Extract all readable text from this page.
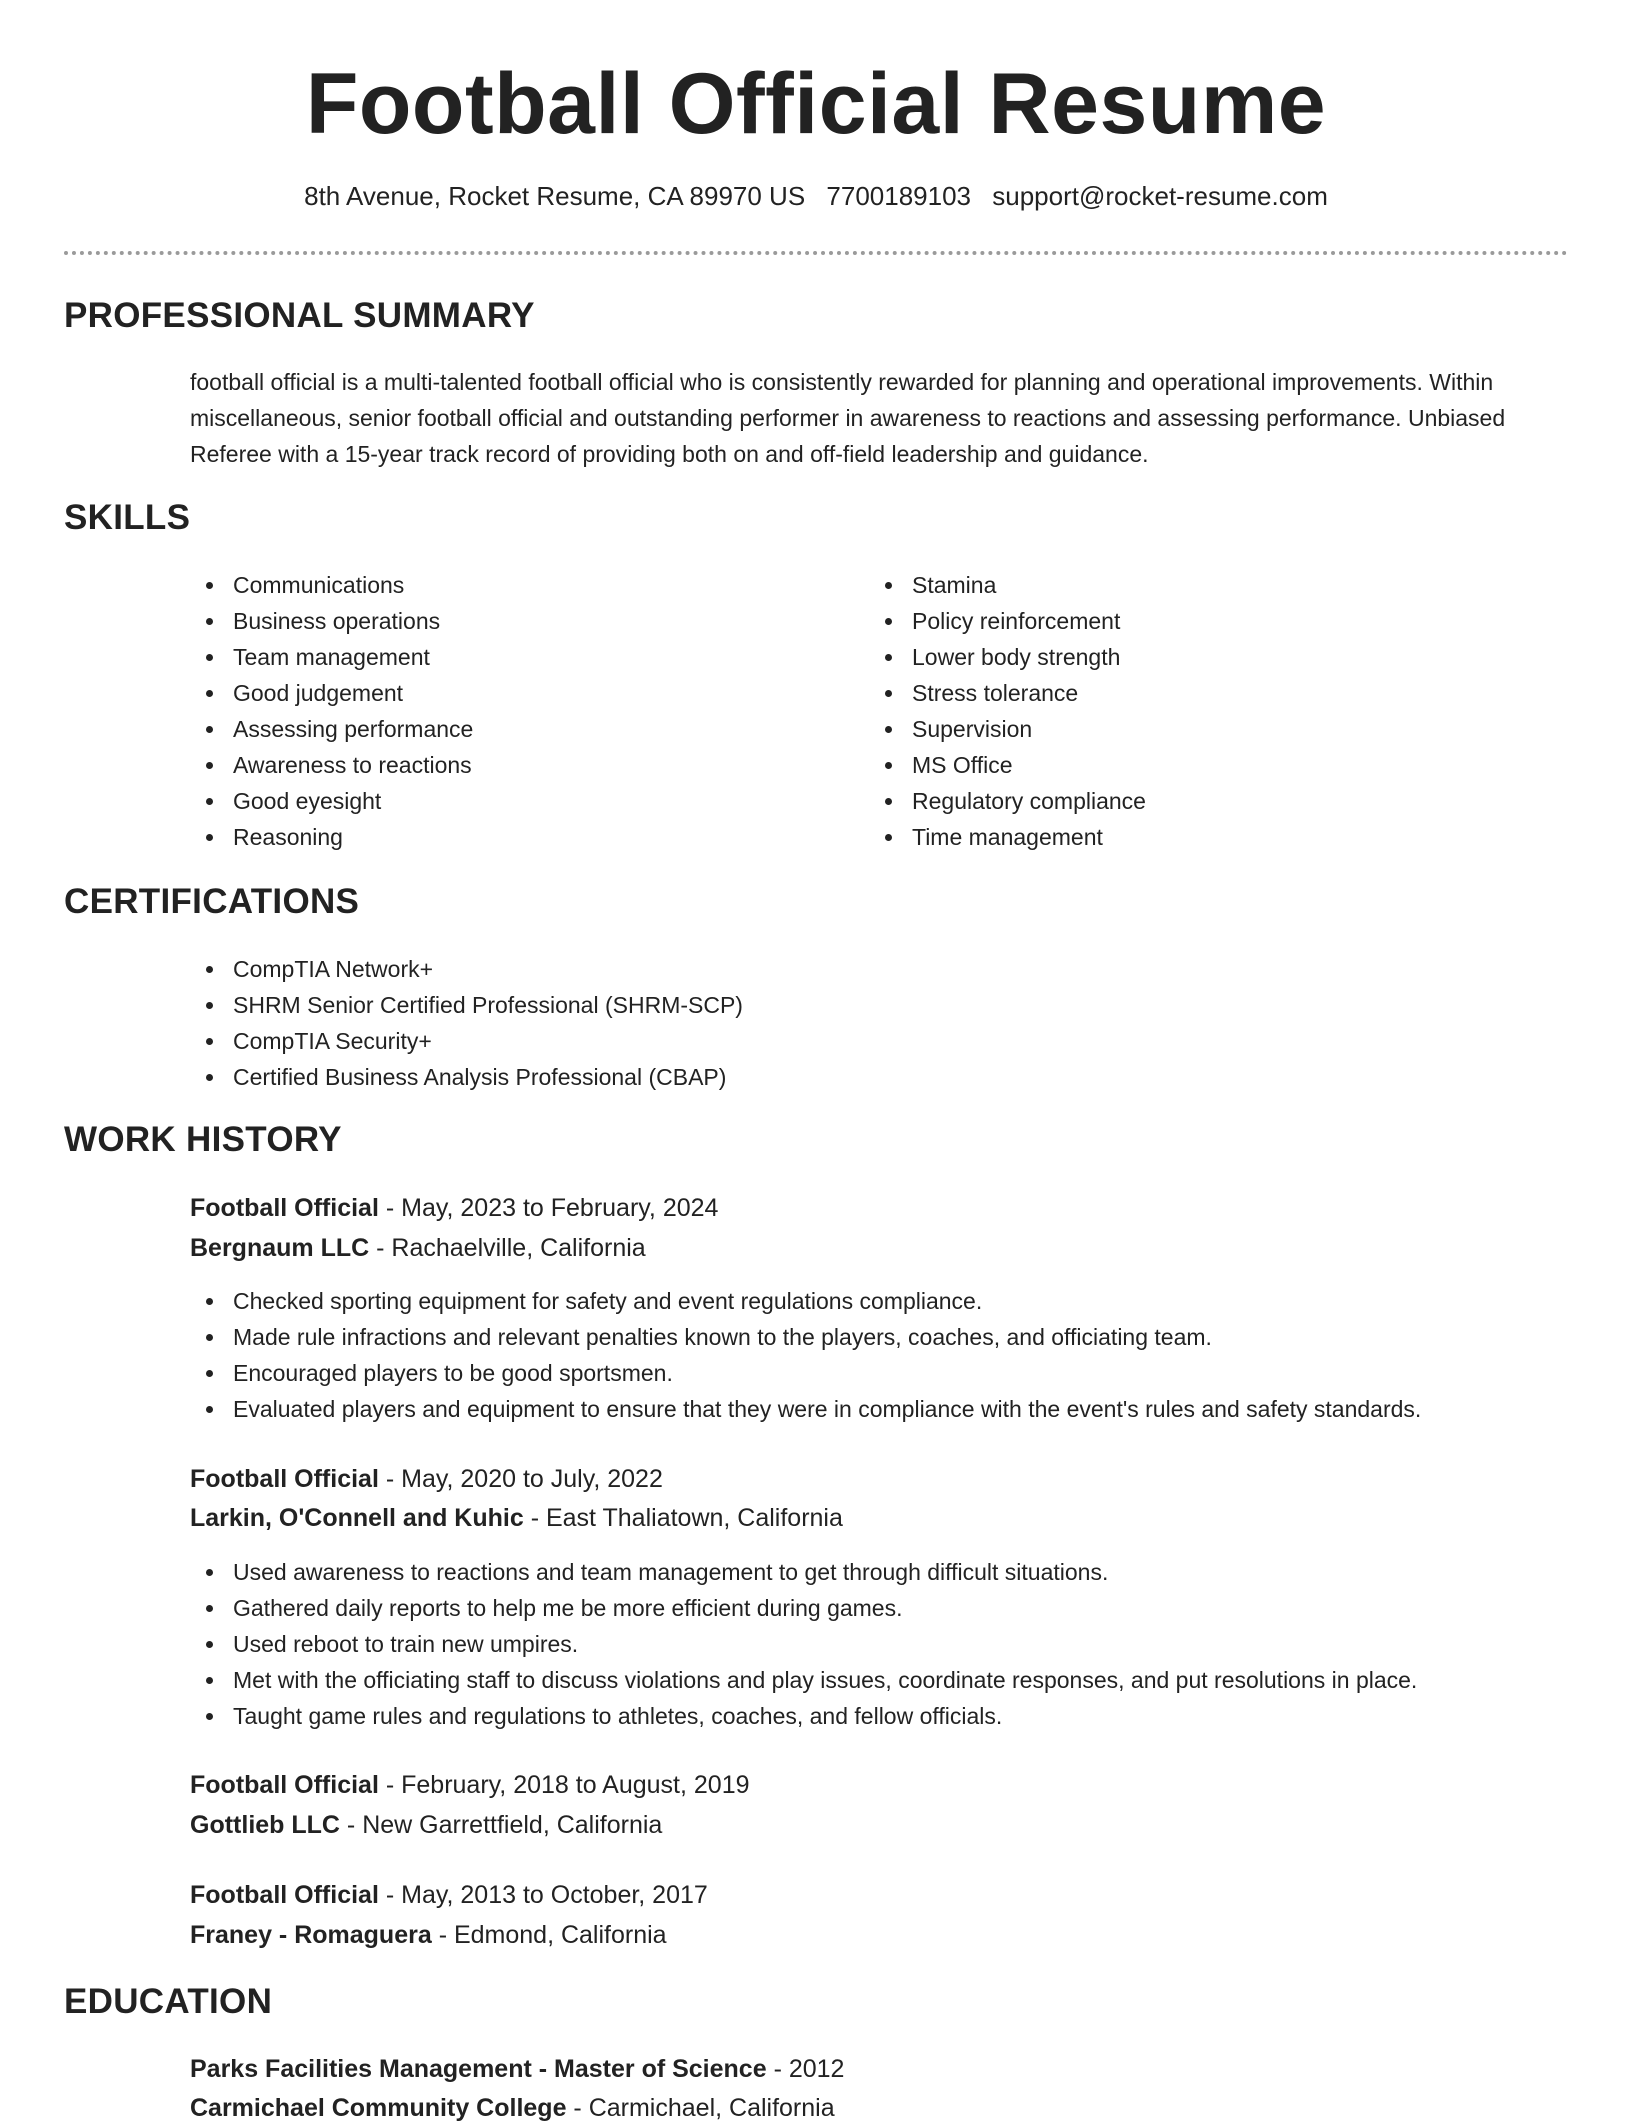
Football Official Resume
8th Avenue, Rocket Resume, CA 89970 US 7700189103 support@rocket-resume.com
PROFESSIONAL SUMMARY
football official is a multi-talented football official who is consistently rewarded for planning and operational improvements. Within miscellaneous, senior football official and outstanding performer in awareness to reactions and assessing performance. Unbiased Referee with a 15-year track record of providing both on and off-field leadership and guidance.
SKILLS
Communications
Business operations
Team management
Good judgement
Assessing performance
Awareness to reactions
Good eyesight
Reasoning
Stamina
Policy reinforcement
Lower body strength
Stress tolerance
Supervision
MS Office
Regulatory compliance
Time management
CERTIFICATIONS
CompTIA Network+
SHRM Senior Certified Professional (SHRM-SCP)
CompTIA Security+
Certified Business Analysis Professional (CBAP)
WORK HISTORY
Football Official - May, 2023 to February, 2024
Bergnaum LLC - Rachaelville, California
Checked sporting equipment for safety and event regulations compliance.
Made rule infractions and relevant penalties known to the players, coaches, and officiating team.
Encouraged players to be good sportsmen.
Evaluated players and equipment to ensure that they were in compliance with the event's rules and safety standards.
Football Official - May, 2020 to July, 2022
Larkin, O'Connell and Kuhic - East Thaliatown, California
Used awareness to reactions and team management to get through difficult situations.
Gathered daily reports to help me be more efficient during games.
Used reboot to train new umpires.
Met with the officiating staff to discuss violations and play issues, coordinate responses, and put resolutions in place.
Taught game rules and regulations to athletes, coaches, and fellow officials.
Football Official - February, 2018 to August, 2019
Gottlieb LLC - New Garrettfield, California
Football Official - May, 2013 to October, 2017
Franey - Romaguera - Edmond, California
EDUCATION
Parks Facilities Management - Master of Science - 2012
Carmichael Community College - Carmichael, California
